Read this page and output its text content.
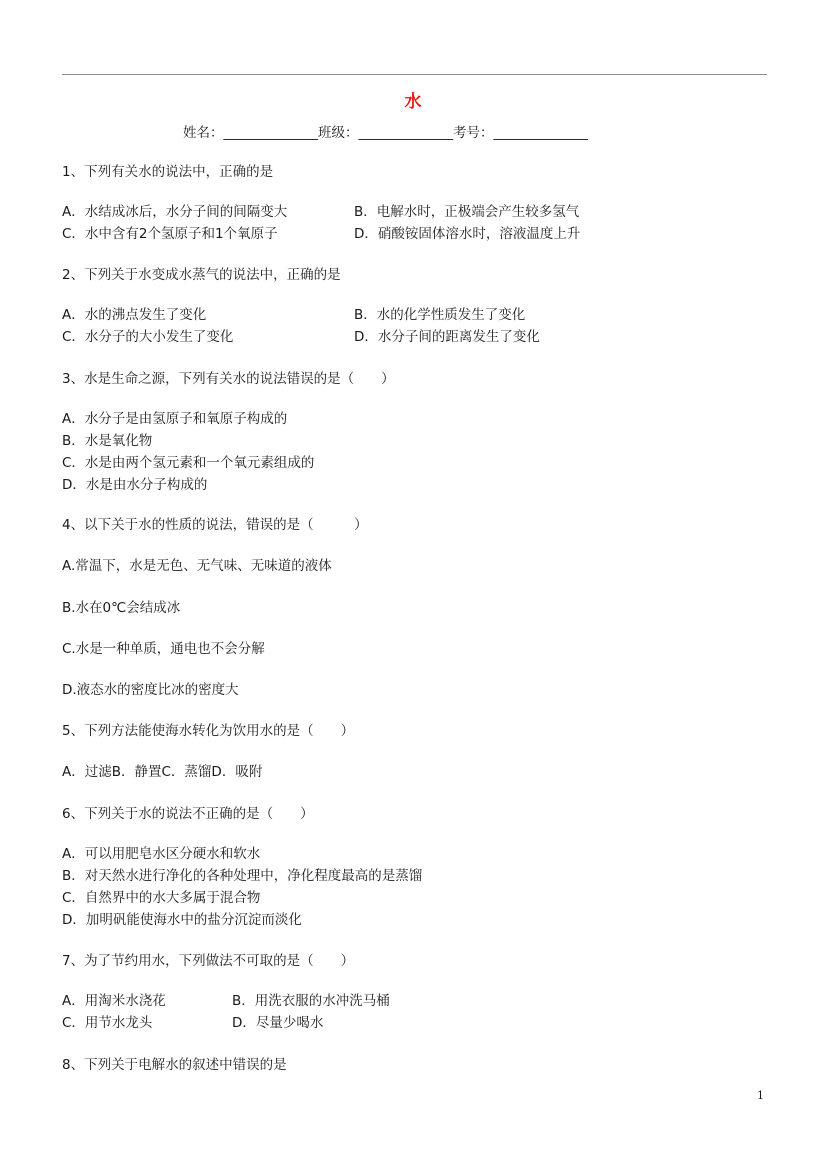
水
姓名：______________班级：______________考号：______________
1、下列有关水的说法中，正确的是
A．水结成冰后，水分子间的间隔变大	B．电解水时，正极端会产生较多氢气
C．水中含有2个氢原子和1个氧原子	D．硝酸铵固体溶水时，溶液温度上升
2、下列关于水变成水蒸气的说法中，正确的是
A．水的沸点发生了变化	B．水的化学性质发生了变化
C．水分子的大小发生了变化	D．水分子间的距离发生了变化
3、水是生命之源，下列有关水的说法错误的是（　　）
A．水分子是由氢原子和氧原子构成的
B．水是氧化物
C．水是由两个氢元素和一个氧元素组成的
D．水是由水分子构成的
4、以下关于水的性质的说法，错误的是（　　　）
A.常温下，水是无色、无气味、无味道的液体
B.水在0℃会结成冰
C.水是一种单质，通电也不会分解
D.液态水的密度比冰的密度大
5、下列方法能使海水转化为饮用水的是（　　）
A．过滤B．静置C．蒸馏D．吸附
6、下列关于水的说法不正确的是（　　）
A．可以用肥皂水区分硬水和软水
B．对天然水进行净化的各种处理中，净化程度最高的是蒸馏
C．自然界中的水大多属于混合物
D．加明矾能使海水中的盐分沉淀而淡化
7、为了节约用水，下列做法不可取的是（　　）
A．用淘米水浇花	B．用洗衣服的水冲洗马桶
C．用节水龙头	D．尽量少喝水
8、下列关于电解水的叙述中错误的是
1
